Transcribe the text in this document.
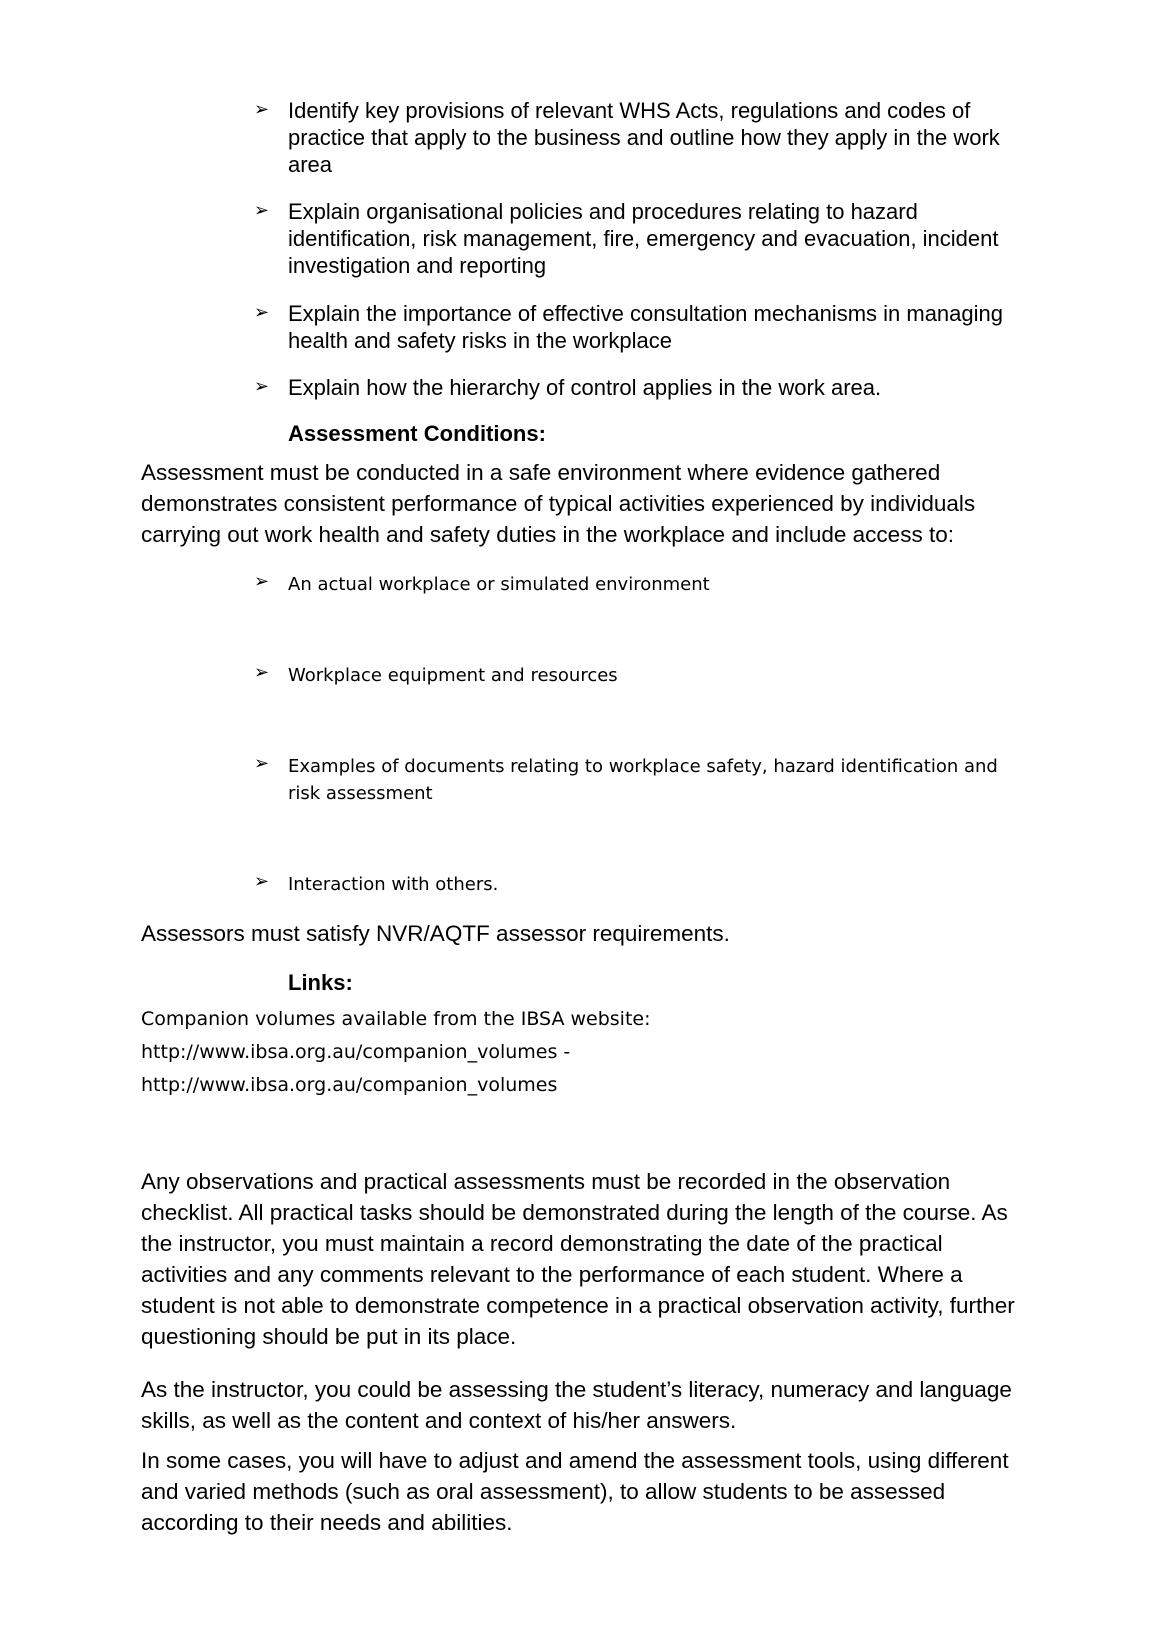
➢ Identify key provisions of relevant WHS Acts, regulations and codes of practice that apply to the business and outline how they apply in the work area
➢ Explain organisational policies and procedures relating to hazard identification, risk management, fire, emergency and evacuation, incident investigation and reporting
➢ Explain the importance of effective consultation mechanisms in managing health and safety risks in the workplace
➢ Explain how the hierarchy of control applies in the work area.
Assessment Conditions:
Assessment must be conducted in a safe environment where evidence gathered demonstrates consistent performance of typical activities experienced by individuals carrying out work health and safety duties in the workplace and include access to:
➢	An actual workplace or simulated environment
➢	Workplace equipment and resources
➢	Examples of documents relating to workplace safety, hazard identification and risk assessment
➢	Interaction with others.
Assessors must satisfy NVR/AQTF assessor requirements.
Links:
Companion volumes available from the IBSA website:
http://www.ibsa.org.au/companion_volumes -
http://www.ibsa.org.au/companion_volumes
Any observations and practical assessments must be recorded in the observation checklist. All practical tasks should be demonstrated during the length of the course. As the instructor, you must maintain a record demonstrating the date of the practical activities and any comments relevant to the performance of each student. Where a student is not able to demonstrate competence in a practical observation activity, further questioning should be put in its place.
As the instructor, you could be assessing the student’s literacy, numeracy and language skills, as well as the content and context of his/her answers.
In some cases, you will have to adjust and amend the assessment tools, using different and varied methods (such as oral assessment), to allow students to be assessed according to their needs and abilities.
